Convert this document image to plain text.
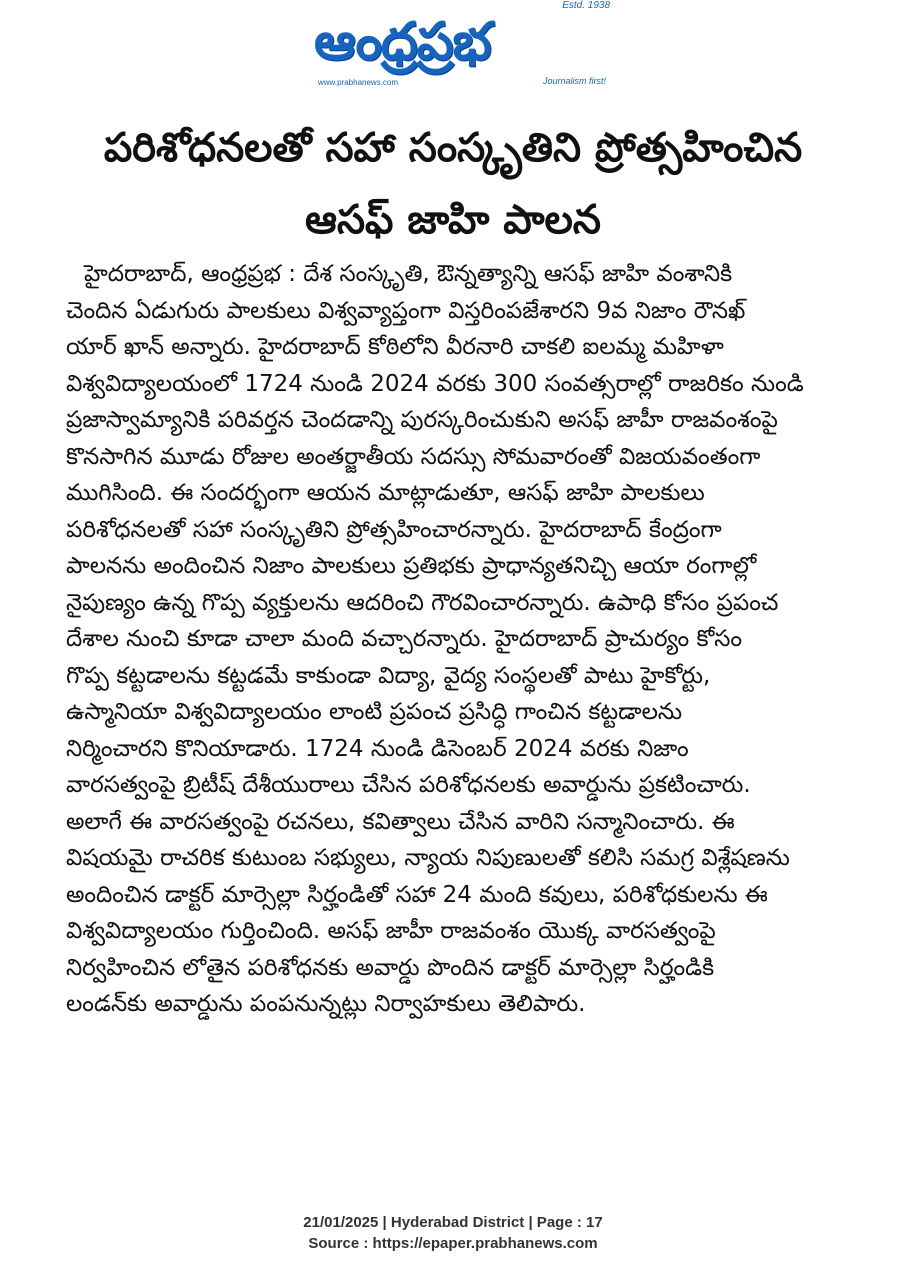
Estd. 1938
ఆంధ్రప్రభ
www.prabhanews.com	Journalism first!
పరిశోధనలతో సహా సంస్కృతిని ప్రోత్సహించిన
ఆసఫ్ జాహి పాలన
హైదరాబాద్, ఆంధ్రప్రభ : దేశ సంస్కృతి, ఔన్నత్యాన్ని ఆసఫ్ జాహి వంశానికి
చెందిన ఏడుగురు పాలకులు విశ్వవ్యాప్తంగా విస్తరింపజేశారని 9వ నిజాం రౌనఖ్
యార్ ఖాన్ అన్నారు. హైదరాబాద్ కోఠిలోని వీరనారి చాకలి ఐలమ్మ మహిళా
విశ్వవిద్యాలయంలో 1724 నుండి 2024 వరకు 300 సంవత్సరాల్లో రాజరికం నుండి
ప్రజాస్వామ్యానికి పరివర్తన చెందడాన్ని పురస్కరించుకుని అసఫ్ జాహీ రాజవంశంపై
కొనసాగిన మూడు రోజుల అంతర్జాతీయ సదస్సు సోమవారంతో విజయవంతంగా
ముగిసింది. ఈ సందర్భంగా ఆయన మాట్లాడుతూ, ఆసఫ్ జాహి పాలకులు
పరిశోధనలతో సహా సంస్కృతిని ప్రోత్సహించారన్నారు. హైదరాబాద్ కేంద్రంగా
పాలనను అందించిన నిజాం పాలకులు ప్రతిభకు ప్రాధాన్యతనిచ్చి ఆయా రంగాల్లో
నైపుణ్యం ఉన్న గొప్ప వ్యక్తులను ఆదరించి గౌరవించారన్నారు. ఉపాధి కోసం ప్రపంచ
దేశాల నుంచి కూడా చాలా మంది వచ్చారన్నారు. హైదరాబాద్ ప్రాచుర్యం కోసం
గొప్ప కట్టడాలను కట్టడమే కాకుండా విద్యా, వైద్య సంస్థలతో పాటు హైకోర్టు,
ఉస్మానియా విశ్వవిద్యాలయం లాంటి ప్రపంచ ప్రసిద్ధి గాంచిన కట్టడాలను
నిర్మించారని కొనియాడారు. 1724 నుండి డిసెంబర్ 2024 వరకు నిజాం
వారసత్వంపై బ్రిటీష్ దేశీయురాలు చేసిన పరిశోధనలకు అవార్డును ప్రకటించారు.
అలాగే ఈ వారసత్వంపై రచనలు, కవిత్వాలు చేసిన వారిని సన్మానించారు. ఈ
విషయమై రాచరిక కుటుంబ సభ్యులు, న్యాయ నిపుణులతో కలిసి సమగ్ర విశ్లేషణను
అందించిన డాక్టర్ మార్సెల్లా సిర్హండితో సహా 24 మంది కవులు, పరిశోధకులను ఈ
విశ్వవిద్యాలయం గుర్తించింది. అసఫ్ జాహీ రాజవంశం యొక్క వారసత్వంపై
నిర్వహించిన లోతైన పరిశోధనకు అవార్డు పొందిన డాక్టర్ మార్సెల్లా సిర్హండికి
లండన్‌కు అవార్డును పంపనున్నట్లు నిర్వాహకులు తెలిపారు.
21/01/2025 | Hyderabad District | Page : 17
Source : https://epaper.prabhanews.com
